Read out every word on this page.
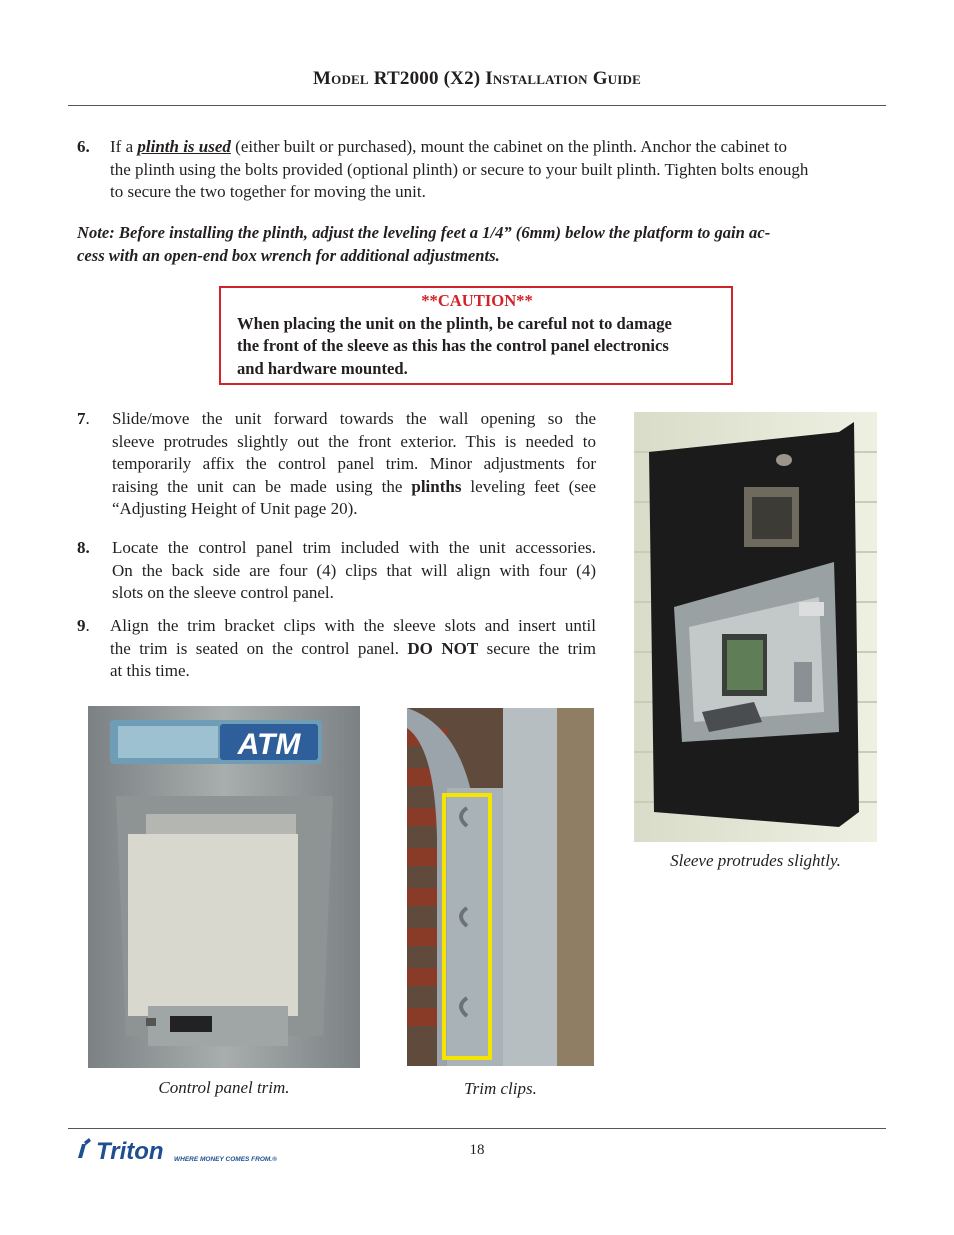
Model RT2000 (X2) Installation Guide
6. If a plinth is used (either built or purchased), mount the cabinet on the plinth. Anchor the cabinet to
the plinth using the bolts provided (optional plinth) or secure to your built plinth. Tighten bolts enough
to secure the two together for moving the unit.
Note: Before installing the plinth, adjust the leveling feet a 1/4” (6mm) below the platform to gain ac-
cess with an open-end box wrench for additional adjustments.
**CAUTION**
When placing the unit on the plinth, be careful not to damage
the front of the sleeve as this has the control panel electronics
and hardware mounted.
7. Slide/move the unit forward towards the wall opening so the
sleeve protrudes slightly out the front exterior. This is needed to
temporarily affix the control panel trim. Minor adjustments for
raising the unit can be made using the plinths leveling feet (see
“Adjusting Height of Unit page 20).
8. Locate the control panel trim included with the unit accessories.
On the back side are four (4) clips that will align with four (4)
slots on the sleeve control panel.
9. Align the trim bracket clips with the sleeve slots and insert until
the trim is seated on the control panel. DO NOT secure the trim
at this time.
Sleeve protrudes slightly.
ATM
Control panel trim.	Trim clips.
Triton WHERE MONEY COMES FROM.®
18
